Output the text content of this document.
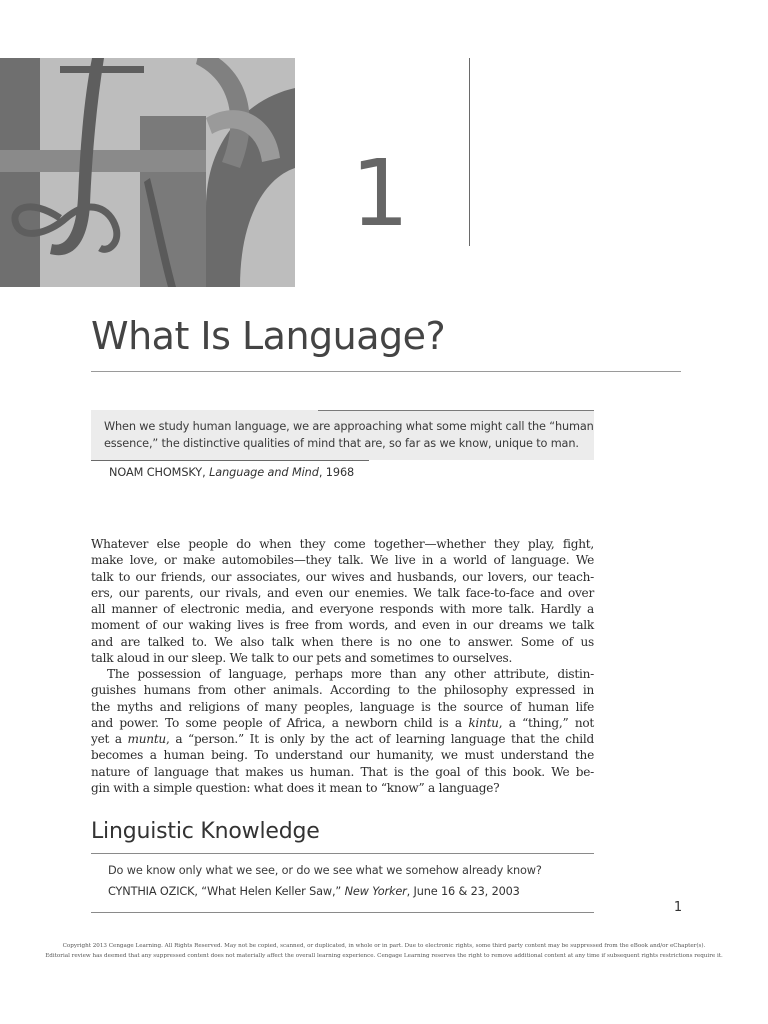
1
What Is Language?

When we study human language, we are approaching what some might call the “human
essence,” the distinctive qualities of mind that are, so far as we know, unique to man.

NOAM CHOMSKY, Language and Mind, 1968

Whatever else people do when they come together—whether they play, fight,
make love, or make automobiles—they talk. We live in a world of language. We
talk to our friends, our associates, our wives and husbands, our lovers, our teach-
ers, our parents, our rivals, and even our enemies. We talk face-to-face and over
all manner of electronic media, and everyone responds with more talk. Hardly a
moment of our waking lives is free from words, and even in our dreams we talk
and are talked to. We also talk when there is no one to answer. Some of us
talk aloud in our sleep. We talk to our pets and sometimes to ourselves.

The possession of language, perhaps more than any other attribute, distin-
guishes humans from other animals. According to the philosophy expressed in
the myths and religions of many peoples, language is the source of human life
and power. To some people of Africa, a newborn child is a kintu, a “thing,” not
yet a muntu, a “person.” It is only by the act of learning language that the child
becomes a human being. To understand our humanity, we must understand the
nature of language that makes us human. That is the goal of this book. We be-
gin with a simple question: what does it mean to “know” a language?

Linguistic Knowledge

Do we know only what we see, or do we see what we somehow already know?

CYNTHIA OZICK, “What Helen Keller Saw,” New Yorker, June 16 & 23, 2003

1

Copyright 2013 Cengage Learning. All Rights Reserved. May not be copied, scanned, or duplicated, in whole or in part. Due to electronic rights, some third party content may be suppressed from the eBook and/or eChapter(s).
Editorial review has deemed that any suppressed content does not materially affect the overall learning experience. Cengage Learning reserves the right to remove additional content at any time if subsequent rights restrictions require it.
